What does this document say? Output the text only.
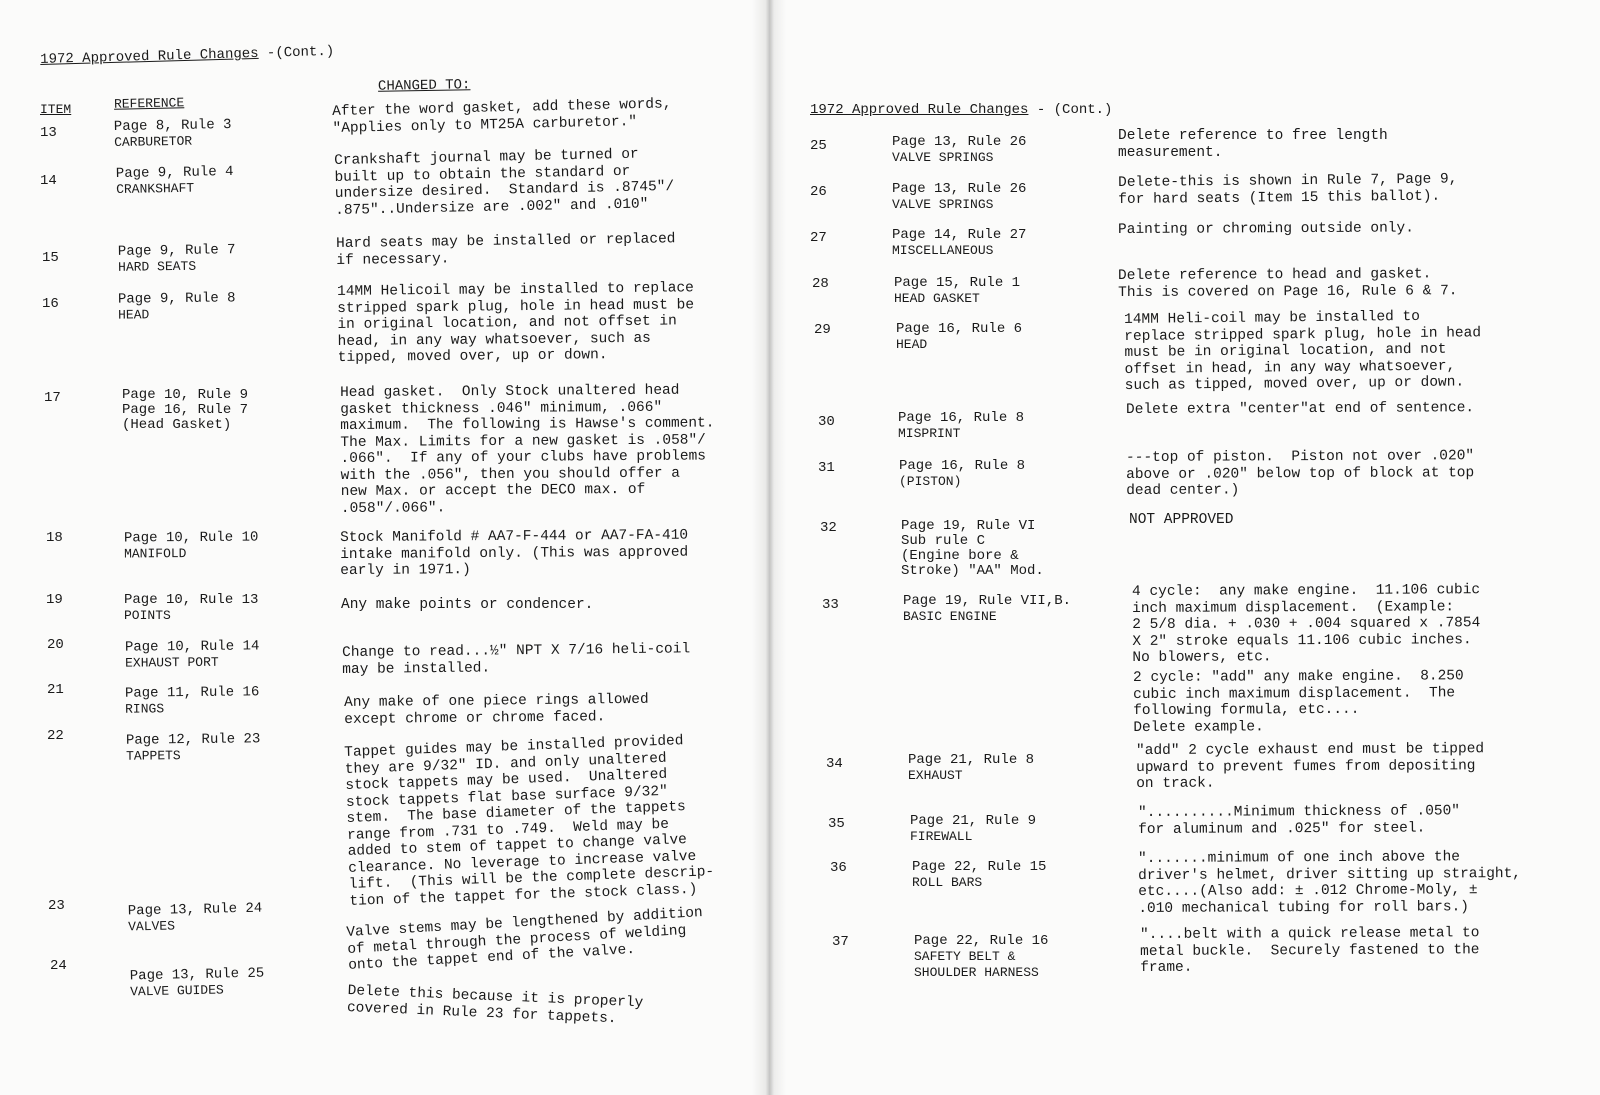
1972 Approved Rule Changes -(Cont.)
ITEM	REFERENCE
CHANGED TO:
13	Page 8, Rule 3
CARBURETOR
After the word gasket, add these words,
"Applies only to MT25A carburetor."
14	Page 9, Rule 4
CRANKSHAFT
Crankshaft journal may be turned or
built up to obtain the standard or
undersize desired.  Standard is .8745"/
.875"..Undersize are .002" and .010"
15	Page 9, Rule 7
HARD SEATS
Hard seats may be installed or replaced
if necessary.
16	Page 9, Rule 8
HEAD
14MM Helicoil may be installed to replace
stripped spark plug, hole in head must be
in original location, and not offset in
head, in any way whatsoever, such as
tipped, moved over, up or down.
17	Page 10, Rule 9
Page 16, Rule 7
(Head Gasket)
Head gasket.  Only Stock unaltered head
gasket thickness .046" minimum, .066"
maximum.  The following is Hawse's comment.
The Max. Limits for a new gasket is .058"/
.066".  If any of your clubs have problems
with the .056", then you should offer a
new Max. or accept the DECO max. of
.058"/.066".
18	Page 10, Rule 10
MANIFOLD
Stock Manifold # AA7-F-444 or AA7-FA-410
intake manifold only. (This was approved
early in 1971.)
19	Page 10, Rule 13
POINTS
Any make points or condencer.
20	Page 10, Rule 14
EXHAUST PORT
Change to read...½" NPT X 7/16 heli-coil
may be installed.
21	Page 11, Rule 16
RINGS	Any make of one piece rings allowed
except chrome or chrome faced.
22	Page 12, Rule 23
TAPPETS	Tappet guides may be installed provided
they are 9/32" ID. and only unaltered
stock tappets may be used.  Unaltered
stock tappets flat base surface 9/32"
stem.  The base diameter of the tappets
range from .731 to .749.  Weld may be
added to stem of tappet to change valve
clearance. No leverage to increase valve
lift.  (This will be the complete descrip-
tion of the tappet for the stock class.)
23	Page 13, Rule 24
VALVES	Valve stems may be lengthened by addition
of metal through the process of welding
onto the tappet end of the valve.
24	Page 13, Rule 25
VALVE GUIDES	Delete this because it is properly
covered in Rule 23 for tappets.
1972 Approved Rule Changes - (Cont.)
25	Page 13, Rule 26
VALVE SPRINGS
Delete reference to free length
measurement.
26	Page 13, Rule 26
VALVE SPRINGS
Delete-this is shown in Rule 7, Page 9,
for hard seats (Item 15 this ballot).
27	Page 14, Rule 27
MISCELLANEOUS
Painting or chroming outside only.
28	Page 15, Rule 1
HEAD GASKET
Delete reference to head and gasket.
This is covered on Page 16, Rule 6 & 7.
29	Page 16, Rule 6
HEAD
14MM Heli-coil may be installed to
replace stripped spark plug, hole in head
must be in original location, and not
offset in head, in any way whatsoever,
such as tipped, moved over, up or down.
30	Page 16, Rule 8
MISPRINT
Delete extra "center"at end of sentence.
31	Page 16, Rule 8
(PISTON)
---top of piston.  Piston not over .020"
above or .020" below top of block at top
dead center.)
32	Page 19, Rule VI
Sub rule C
(Engine bore &
Stroke) "AA" Mod.
NOT APPROVED
33	Page 19, Rule VII,B.
BASIC ENGINE
4 cycle:  any make engine.  11.106 cubic
inch maximum displacement.  (Example:
2 5/8 dia. + .030 + .004 squared x .7854
X 2" stroke equals 11.106 cubic inches.
No blowers, etc.
2 cycle: "add" any make engine.  8.250
cubic inch maximum displacement.  The
following formula, etc....
Delete example.
34	Page 21, Rule 8
EXHAUST
"add" 2 cycle exhaust end must be tipped
upward to prevent fumes from depositing
on track.
35	Page 21, Rule 9
FIREWALL
"..........Minimum thickness of .050"
for aluminum and .025" for steel.
36	Page 22, Rule 15
ROLL BARS
".......minimum of one inch above the
driver's helmet, driver sitting up straight,
etc....(Also add: ± .012 Chrome-Moly, ±
.010 mechanical tubing for roll bars.)
37	Page 22, Rule 16
SAFETY BELT &
SHOULDER HARNESS
"....belt with a quick release metal to
metal buckle.  Securely fastened to the
frame.
